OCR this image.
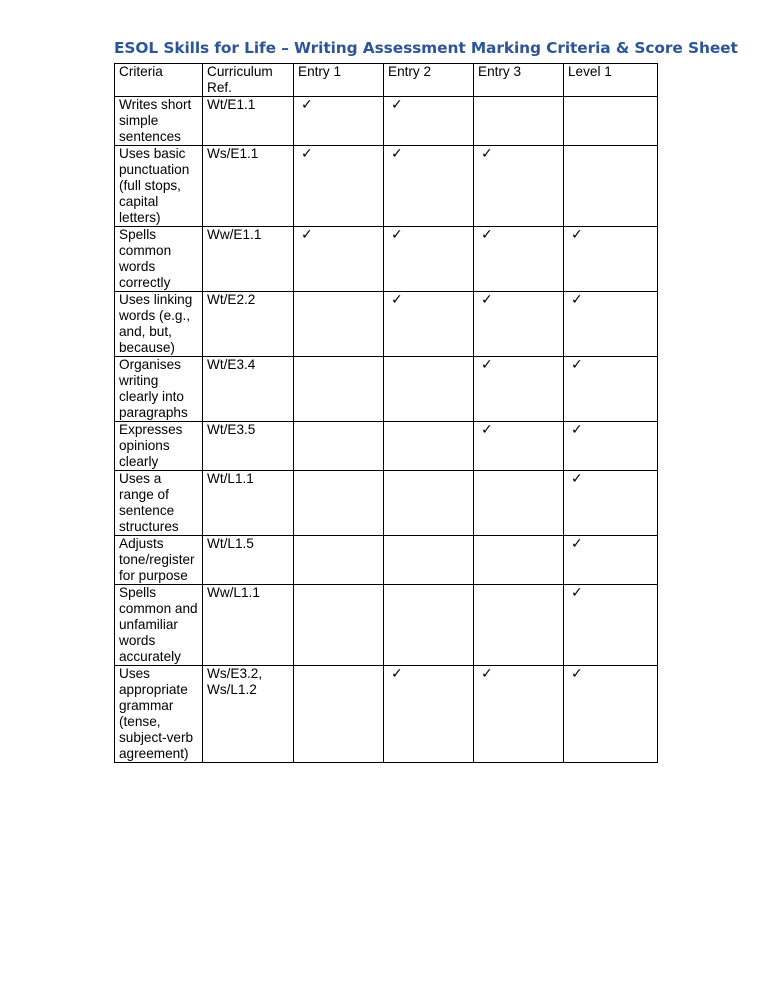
ESOL Skills for Life – Writing Assessment Marking Criteria & Score Sheet
Criteria	Curriculum Ref.	Entry 1	Entry 2	Entry 3	Level 1
Writes short simple sentences	Wt/E1.1	✓	✓		
Uses basic punctuation (full stops, capital letters)	Ws/E1.1	✓	✓	✓	
Spells common words correctly	Ww/E1.1	✓	✓	✓	✓
Uses linking words (e.g., and, but, because)	Wt/E2.2		✓	✓	✓
Organises writing clearly into paragraphs	Wt/E3.4			✓	✓
Expresses opinions clearly	Wt/E3.5			✓	✓
Uses a range of sentence structures	Wt/L1.1				✓
Adjusts tone/register for purpose	Wt/L1.5				✓
Spells common and unfamiliar words accurately	Ww/L1.1				✓
Uses appropriate grammar (tense, subject-verb agreement)	Ws/E3.2, Ws/L1.2		✓	✓	✓
